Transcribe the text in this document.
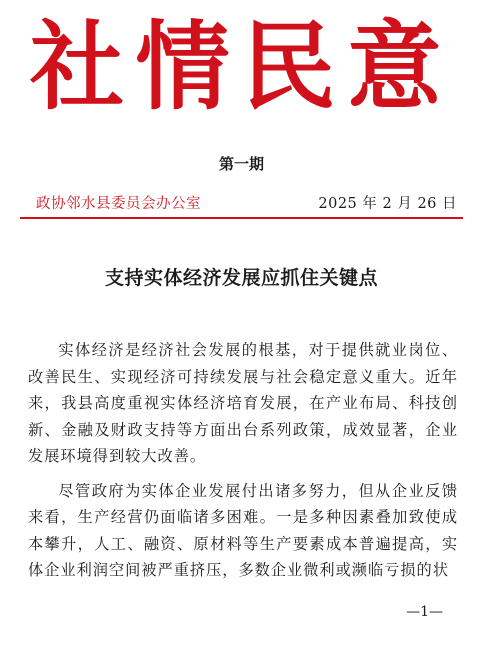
社情民意
第一期
政协邻水县委员会办公室	2025 年 2 月 26 日
支持实体经济发展应抓住关键点

实体经济是经济社会发展的根基，对于提供就业岗位、改善民生、实现经济可持续发展与社会稳定意义重大。近年来，我县高度重视实体经济培育发展，在产业布局、科技创新、金融及财政支持等方面出台系列政策，成效显著，企业发展环境得到较大改善。

尽管政府为实体企业发展付出诸多努力，但从企业反馈来看，生产经营仍面临诸多困难。一是多种因素叠加致使成本攀升，人工、融资、原材料等生产要素成本普遍提高，实体企业利润空间被严重挤压，多数企业微利或濒临亏损的状

—1—
